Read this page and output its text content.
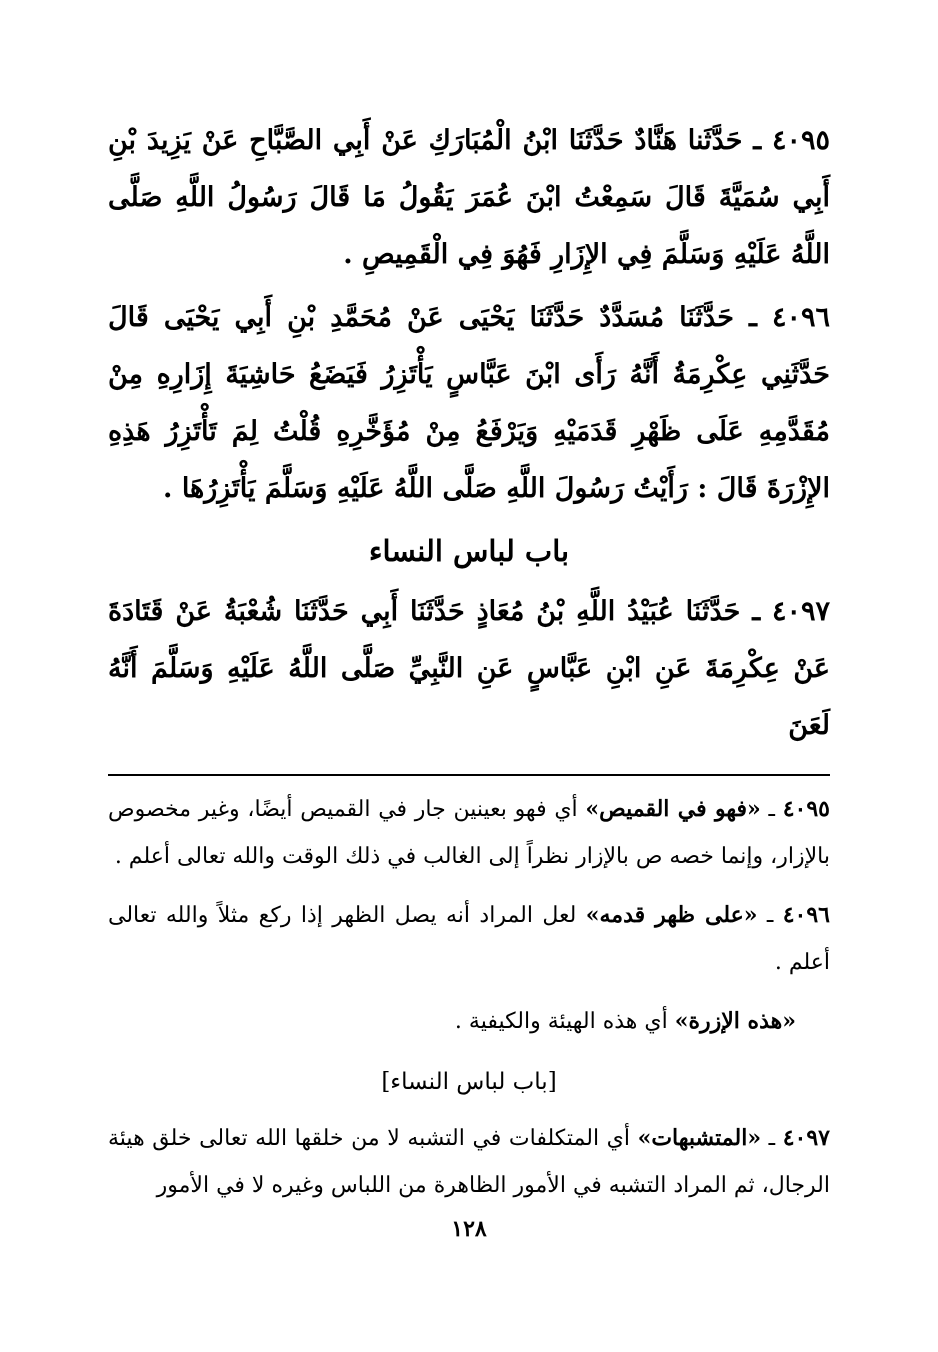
٤٠٩٥ ـ حَدَّثَنا هَنَّادٌ حَدَّثَنَا ابْنُ الْمُبَارَكِ عَنْ أَبِي الصَّبَّاحِ عَنْ يَزِيدَ بْنِ أَبِي سُمَيَّةَ قَالَ سَمِعْتُ ابْنَ عُمَرَ يَقُولُ مَا قَالَ رَسُولُ اللَّهِ صَلَّى اللَّهُ عَلَيْهِ وَسَلَّمَ فِي الإِزَارِ فَهُوَ فِي الْقَمِيصِ .

٤٠٩٦ ـ حَدَّثَنَا مُسَدَّدٌ حَدَّثَنَا يَحْيَى عَنْ مُحَمَّدِ بْنِ أَبِي يَحْيَى قَالَ حَدَّثَنِي عِكْرِمَةُ أَنَّهُ رَأَى ابْنَ عَبَّاسٍ يَأْتَزِرُ فَيَضَعُ حَاشِيَةَ إِزَارِهِ مِنْ مُقَدَّمِهِ عَلَى ظَهْرِ قَدَمَيْهِ وَيَرْفَعُ مِنْ مُؤَخَّرِهِ قُلْتُ لِمَ تَأْتَزِرُ هَذِهِ الإِزْرَةَ قَالَ : رَأَيْتُ رَسُولَ اللَّهِ صَلَّى اللَّهُ عَلَيْهِ وَسَلَّمَ يَأْتَزِرُهَا .

باب لباس النساء

٤٠٩٧ ـ حَدَّثَنَا عُبَيْدُ اللَّهِ بْنُ مُعَاذٍ حَدَّثَنَا أَبِي حَدَّثَنَا شُعْبَةُ عَنْ قَتَادَةَ عَنْ عِكْرِمَةَ عَنِ ابْنِ عَبَّاسٍ عَنِ النَّبِيِّ صَلَّى اللَّهُ عَلَيْهِ وَسَلَّمَ أَنَّهُ لَعَنَ

٤٠٩٥ ـ «فهو في القميص» أي فهو بعينين جار في القميص أيضًا، وغير مخصوص بالإزار، وإنما خصه ص بالإزار نظراً إلى الغالب في ذلك الوقت والله تعالى أعلم .

٤٠٩٦ ـ «على ظهر قدمه» لعل المراد أنه يصل الظهر إذا ركع مثلاً والله تعالى أعلم .

«هذه الإزرة» أي هذه الهيئة والكيفية .

[باب لباس النساء]

٤٠٩٧ ـ «المتشبهات» أي المتكلفات في التشبه لا من خلقها الله تعالى خلق هيئة الرجال، ثم المراد التشبه في الأمور الظاهرة من اللباس وغيره لا في الأمور

١٢٨
